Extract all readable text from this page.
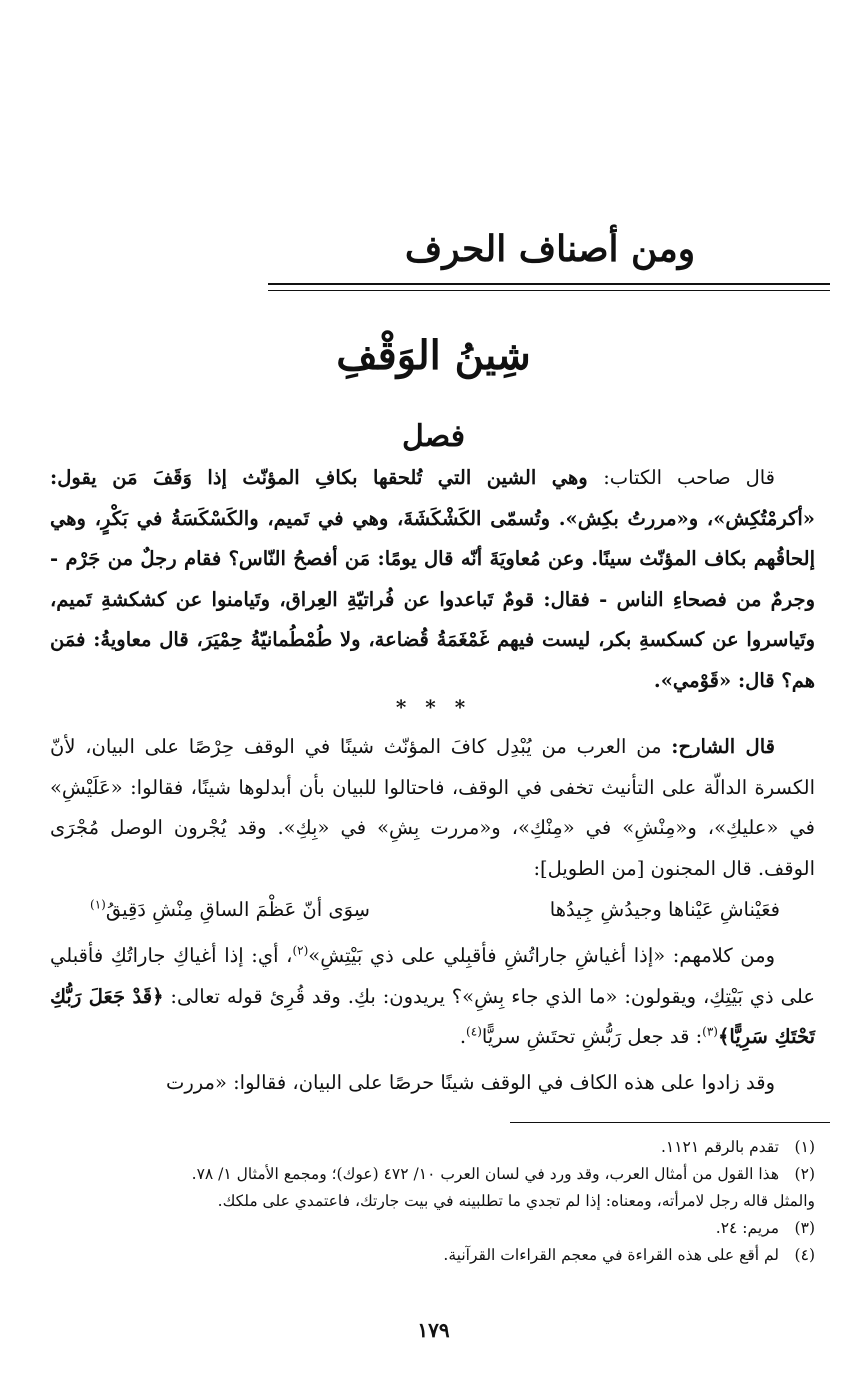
ومن أصناف الحرف
شِينُ الوَقْفِ
فصل
قال صاحب الكتاب: وهي الشين التي تُلحقها بكافِ المؤنّث إذا وَقَفَ مَن يقول: «أكرمْتُكِش»، و«مررتُ بكِش». وتُسمّى الكَشْكَشَةَ، وهي في تَميم، والكَسْكَسَةُ في بَكْرٍ، وهي إلحاقُهم بكاف المؤنّث سينًا. وعن مُعاويَةَ أنّه قال يومًا: مَن أفصحُ النّاس؟ فقام رجلٌ من جَرْم - وجرمٌ من فصحاءِ الناس - فقال: قومٌ تَباعدوا عن فُراتيّةِ العِراق، وتَيامنوا عن كشكشةِ تَميم، وتَياسروا عن كسكسةِ بكر، ليست فيهم غَمْغَمَةُ قُضاعة، ولا طُمْطُمانيّةُ حِمْيَرَ، قال معاويةُ: فمَن هم؟ قال: «قَوْمي».
* * *
قال الشارح: من العرب من يُبْدِل كافَ المؤنّث شينًا في الوقف حِرْصًا على البيان، لأنّ الكسرة الدالّة على التأنيث تخفى في الوقف، فاحتالوا للبيان بأن أبدلوها شينًا، فقالوا: «عَلَيْشِ» في «عليكِ»، و«مِنْشِ» في «مِنْكِ»، و«مررت بِشِ» في «بِكِ». وقد يُجْرون الوصل مُجْرَى الوقف. قال المجنون [من الطويل]:
فعَيْناشِ عَيْناها وجيدُشِ جِيدُها
سِوَى أنّ عَظْمَ الساقِ مِنْشِ دَقِيقُ$^{(١)}$
ومن كلامهم: «إذا أغياشِ جاراتُشِ فأقبِلي على ذي بَيْتِشِ»$^{(٢)}$، أي: إذا أغياكِ جاراتُكِ فأقبلي على ذي بَيْتِكِ، ويقولون: «ما الذي جاء بِشِ»؟ يريدون: بكِ. وقد قُرِئ قوله تعالى: ﴿قَدْ جَعَلَ رَبُّكِ تَحْتَكِ سَرِيًّا﴾$^{(٣)}$: قد جعل رَبُّشِ تحتَشِ سريًّا$^{(٤)}$.
وقد زادوا على هذه الكاف في الوقف شينًا حرصًا على البيان، فقالوا: «مررت
(١)تقدم بالرقم ١١٢١.
(٢)هذا القول من أمثال العرب، وقد ورد في لسان العرب ١٠/ ٤٧٢ (عوك)؛ ومجمع الأمثال ١/ ٧٨.
والمثل قاله رجل لامرأته، ومعناه: إذا لم تجدي ما تطلبينه في بيت جارتك، فاعتمدي على ملكك.
(٣)مريم: ٢٤.
(٤)لم أقع على هذه القراءة في معجم القراءات القرآنية.
١٧٩
